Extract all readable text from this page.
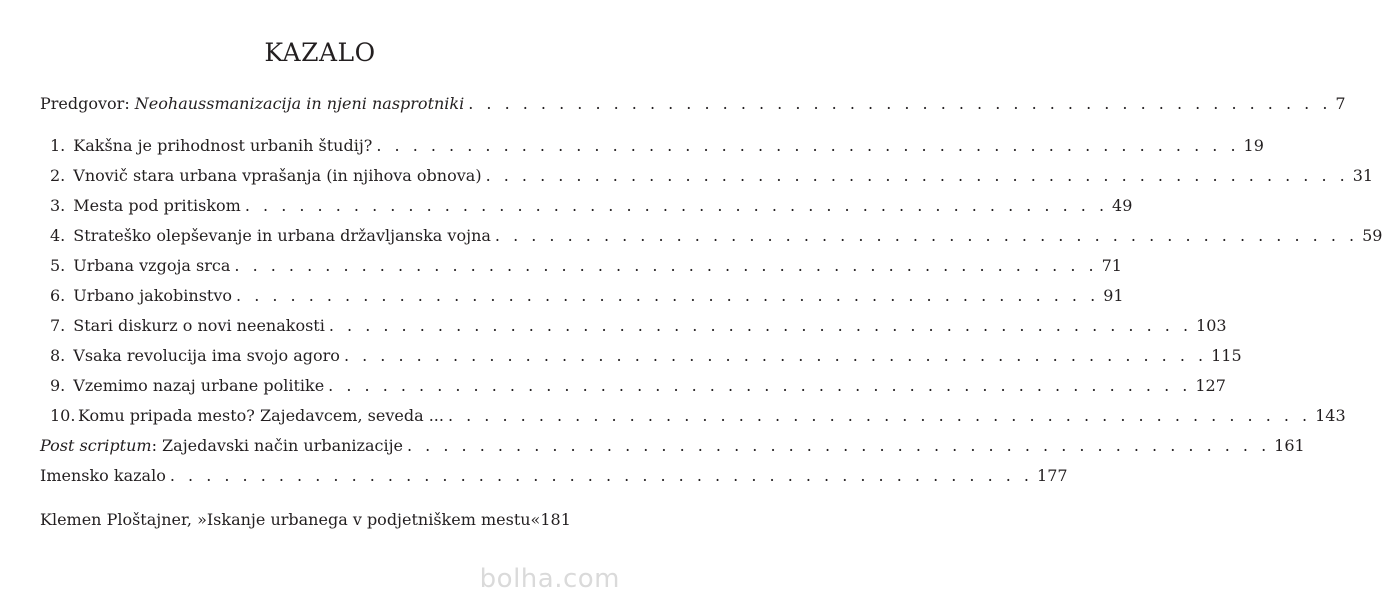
KAZALO
Predgovor: Neohaussmanizacija in njeni nasprotniki . . . . . . . . . . . . . . . . . . . . . . . . . . . . . . . . . . . . . . . . . . . . . . . . 7
1. Kakšna je prihodnost urbanih študij? . . . . . . . . . . . . . . . . . . . . . . . . . . . . . . . . . . . . . . . . . . . . . . . . 19
2. Vnovič stara urbana vprašanja (in njihova obnova) . . . . . . . . . . . . . . . . . . . . . . . . . . . . . . . . . . . . . . . . . . . . . . . . 31
3. Mesta pod pritiskom . . . . . . . . . . . . . . . . . . . . . . . . . . . . . . . . . . . . . . . . . . . . . . . . 49
4. Strateško olepševanje in urbana državljanska vojna . . . . . . . . . . . . . . . . . . . . . . . . . . . . . . . . . . . . . . . . . . . . . . . . 59
5. Urbana vzgoja srca . . . . . . . . . . . . . . . . . . . . . . . . . . . . . . . . . . . . . . . . . . . . . . . . 71
6. Urbano jakobinstvo . . . . . . . . . . . . . . . . . . . . . . . . . . . . . . . . . . . . . . . . . . . . . . . . 91
7. Stari diskurz o novi neenakosti . . . . . . . . . . . . . . . . . . . . . . . . . . . . . . . . . . . . . . . . . . . . . . . . 103
8. Vsaka revolucija ima svojo agoro . . . . . . . . . . . . . . . . . . . . . . . . . . . . . . . . . . . . . . . . . . . . . . . . 115
9. Vzemimo nazaj urbane politike . . . . . . . . . . . . . . . . . . . . . . . . . . . . . . . . . . . . . . . . . . . . . . . . 127
10. Komu pripada mesto? Zajedavcem, seveda ... . . . . . . . . . . . . . . . . . . . . . . . . . . . . . . . . . . . . . . . . . . . . . . . . 143
Post scriptum: Zajedavski način urbanizacije . . . . . . . . . . . . . . . . . . . . . . . . . . . . . . . . . . . . . . . . . . . . . . . . 161
Imensko kazalo . . . . . . . . . . . . . . . . . . . . . . . . . . . . . . . . . . . . . . . . . . . . . . . . 177
Klemen Ploštajner, »Iskanje urbanega v podjetniškem mestu« 181
bolha.com
